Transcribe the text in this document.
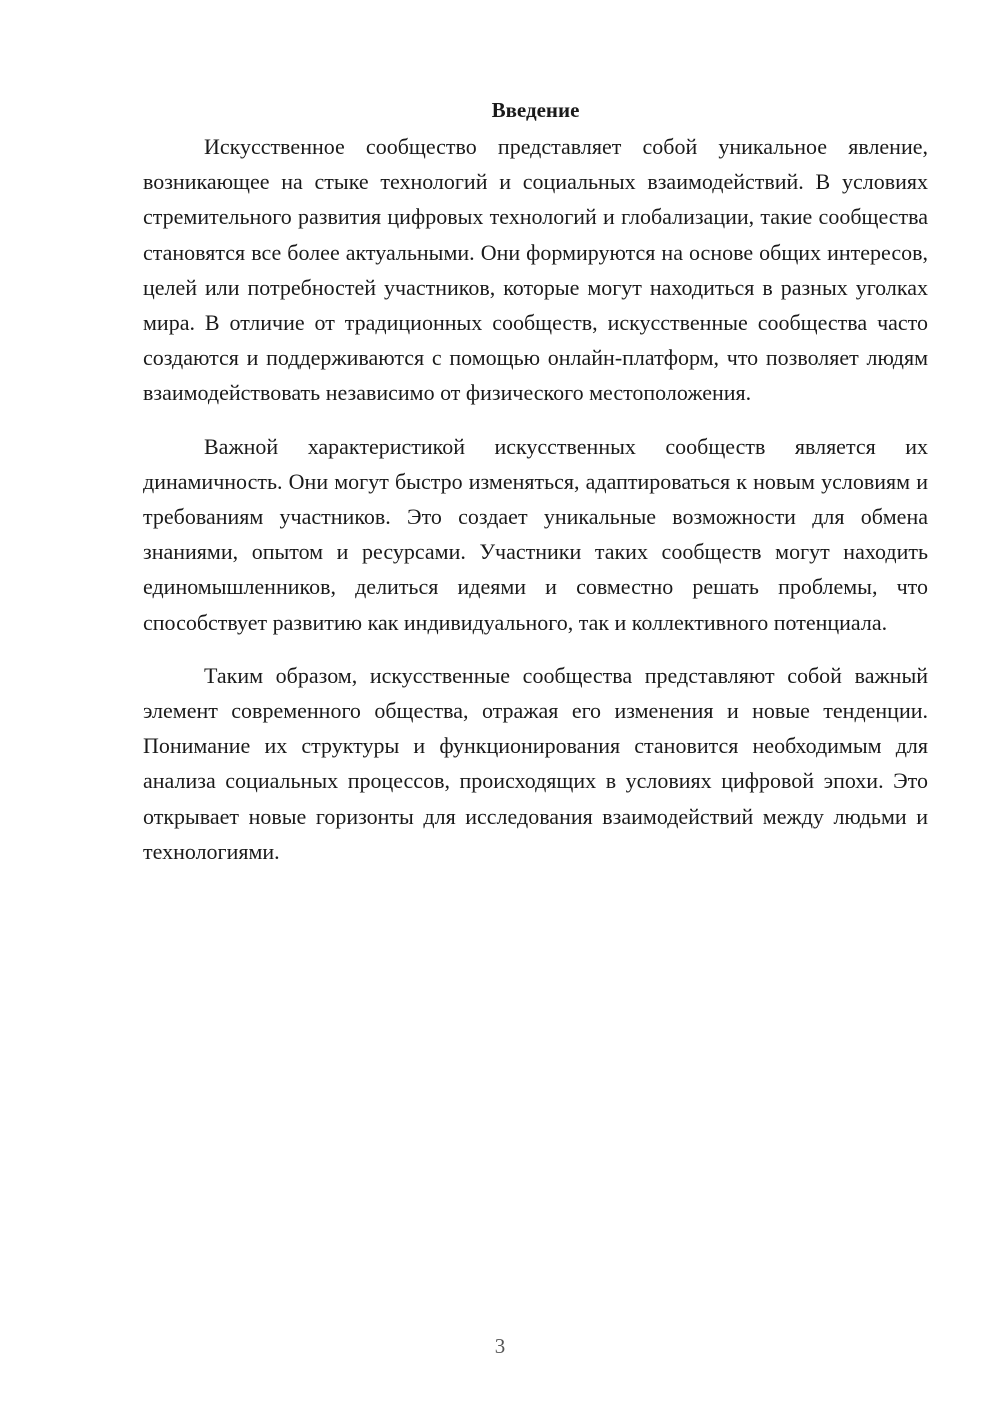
Введение

Искусственное сообщество представляет собой уникальное явление, возникающее на стыке технологий и социальных взаимодействий. В условиях стремительного развития цифровых технологий и глобализации, такие сообщества становятся все более актуальными. Они формируются на основе общих интересов, целей или потребностей участников, которые могут находиться в разных уголках мира. В отличие от традиционных сообществ, искусственные сообщества часто создаются и поддерживаются с помощью онлайн-платформ, что позволяет людям взаимодействовать независимо от физического местоположения.

Важной характеристикой искусственных сообществ является их динамичность. Они могут быстро изменяться, адаптироваться к новым условиям и требованиям участников. Это создает уникальные возможности для обмена знаниями, опытом и ресурсами. Участники таких сообществ могут находить единомышленников, делиться идеями и совместно решать проблемы, что способствует развитию как индивидуального, так и коллективного потенциала.

Таким образом, искусственные сообщества представляют собой важный элемент современного общества, отражая его изменения и новые тенденции. Понимание их структуры и функционирования становится необходимым для анализа социальных процессов, происходящих в условиях цифровой эпохи. Это открывает новые горизонты для исследования взаимодействий между людьми и технологиями.

3
